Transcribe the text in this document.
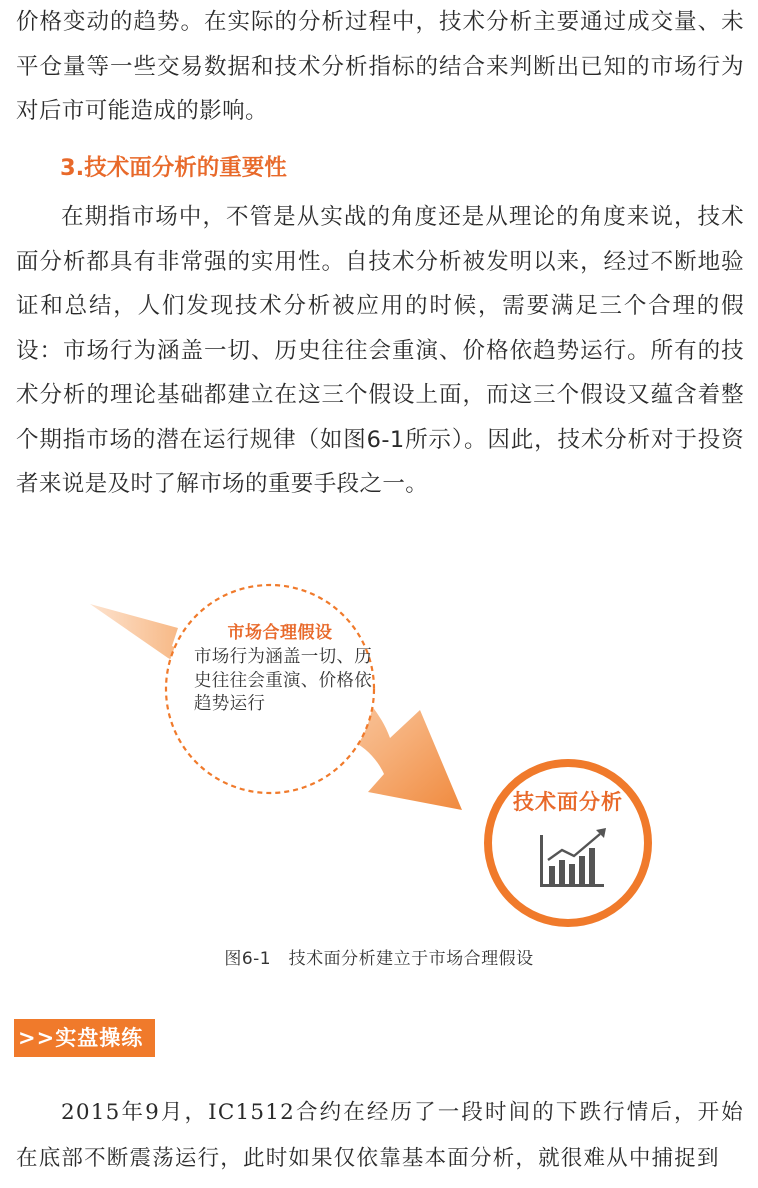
价格变动的趋势。在实际的分析过程中，技术分析主要通过成交量、未平仓量等一些交易数据和技术分析指标的结合来判断出已知的市场行为对后市可能造成的影响。

3.技术面分析的重要性

在期指市场中，不管是从实战的角度还是从理论的角度来说，技术面分析都具有非常强的实用性。自技术分析被发明以来，经过不断地验证和总结，人们发现技术分析被应用的时候，需要满足三个合理的假设：市场行为涵盖一切、历史往往会重演、价格依趋势运行。所有的技术分析的理论基础都建立在这三个假设上面，而这三个假设又蕴含着整个期指市场的潜在运行规律（如图6-1所示）。因此，技术分析对于投资者来说是及时了解市场的重要手段之一。

市场合理假设
市场行为涵盖一切、历史往往会重演、价格依趋势运行
技术面分析
图6-1　技术面分析建立于市场合理假设
>>实盘操练

2015年9月，IC1512合约在经历了一段时间的下跌行情后，开始在底部不断震荡运行，此时如果仅依靠基本面分析，就很难从中捕捉到
